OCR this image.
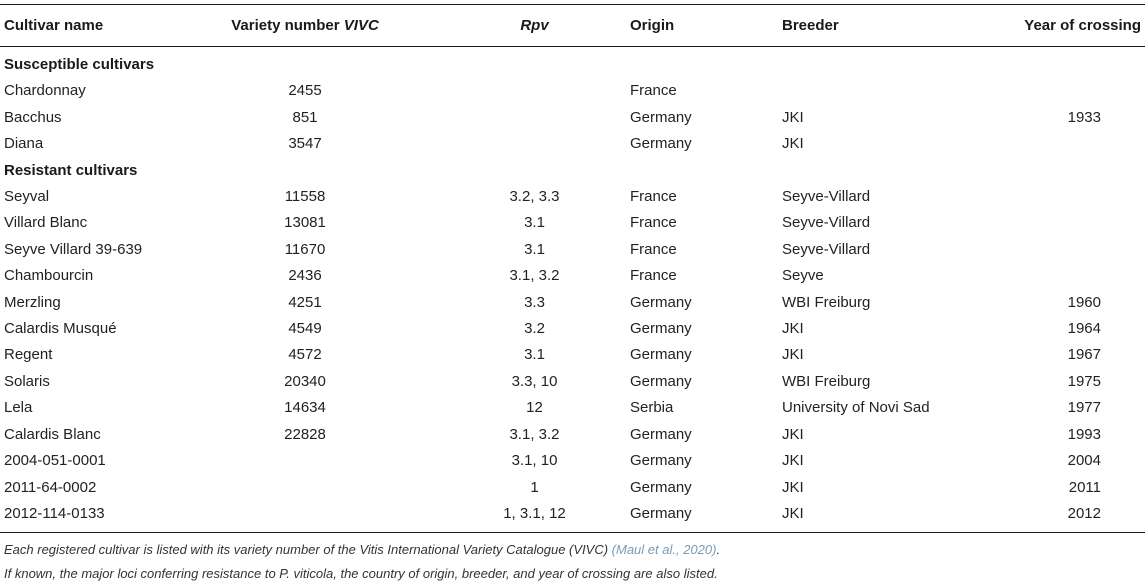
Cultivar name	Variety number VIVC	Rpv	Origin	Breeder	Year of crossing
Susceptible cultivars					
Chardonnay	2455		France		
Bacchus	851		Germany	JKI	1933
Diana	3547		Germany	JKI	
Resistant cultivars					
Seyval	11558	3.2, 3.3	France	Seyve-Villard	
Villard Blanc	13081	3.1	France	Seyve-Villard	
Seyve Villard 39-639	11670	3.1	France	Seyve-Villard	
Chambourcin	2436	3.1, 3.2	France	Seyve	
Merzling	4251	3.3	Germany	WBI Freiburg	1960
Calardis Musqué	4549	3.2	Germany	JKI	1964
Regent	4572	3.1	Germany	JKI	1967
Solaris	20340	3.3, 10	Germany	WBI Freiburg	1975
Lela	14634	12	Serbia	University of Novi Sad	1977
Calardis Blanc	22828	3.1, 3.2	Germany	JKI	1993
2004-051-0001		3.1, 10	Germany	JKI	2004
2011-64-0002		1	Germany	JKI	2011
2012-114-0133		1, 3.1, 12	Germany	JKI	2012
Each registered cultivar is listed with its variety number of the Vitis International Variety Catalogue (VIVC) (Maul et al., 2020).
If known, the major loci conferring resistance to P. viticola, the country of origin, breeder, and year of crossing are also listed.
